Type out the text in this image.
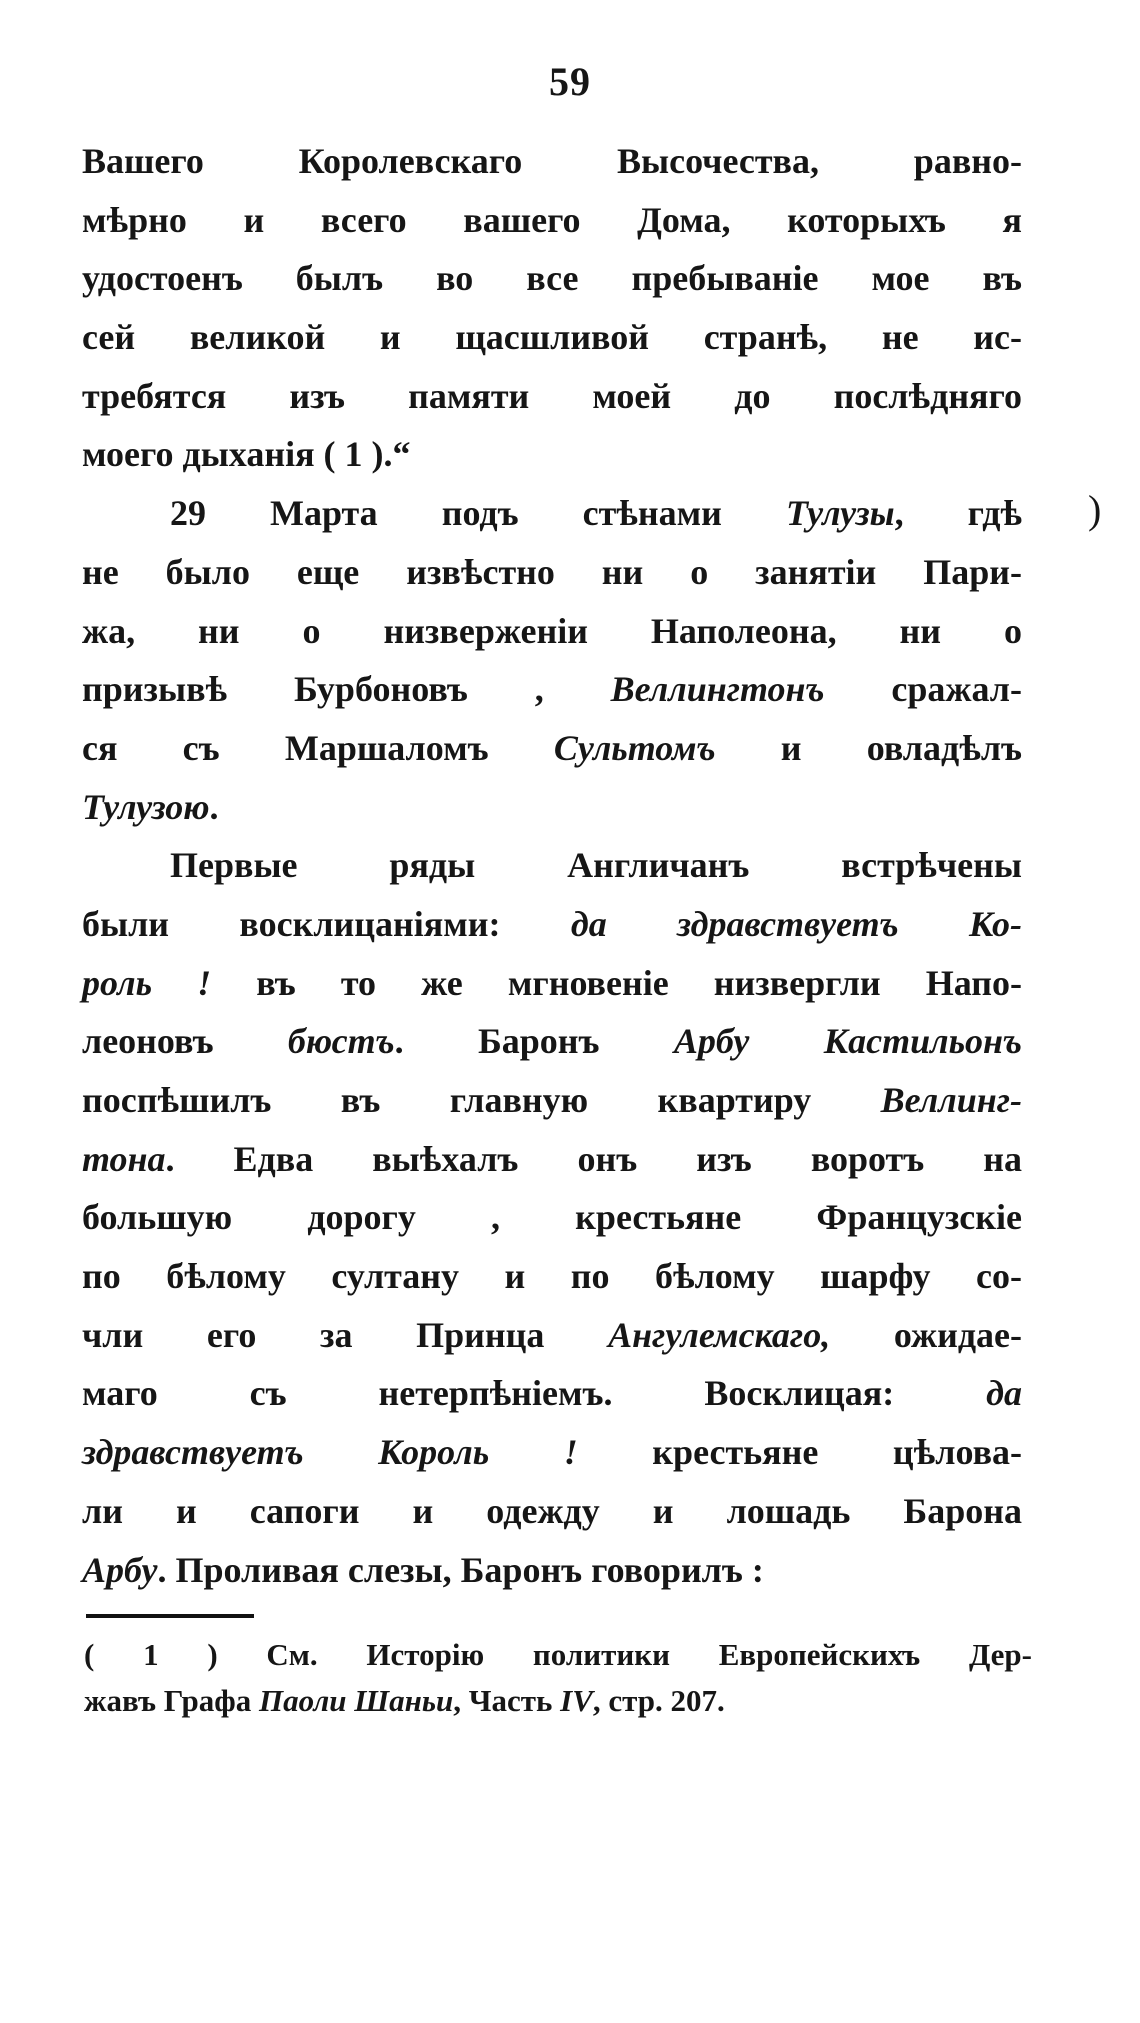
59
)
Вашего Королевскаго Высочества, равно-
мѣрно и всего вашего Дома, которыхъ я
удостоенъ былъ во все пребываніе мое въ
сей великой и щасшливой странѣ, не ис-
требятся изъ памяти моей до послѣдняго
моего дыханія ( 1 ).“
29 Марта подъ стѣнами Тулузы, гдѣ
не было еще извѣстно ни о занятіи Пари-
жа, ни о низверженіи Наполеона, ни о
призывѣ Бурбоновъ , Веллингтонъ сражал-
ся съ Маршаломъ Сультомъ и овладѣлъ
Тулузою.
Первые ряды Англичанъ встрѣчены
были восклицаніями: да здравствуетъ Ко-
роль ! въ то же мгновеніе низвергли Напо-
леоновъ бюстъ. Баронъ Арбу Кастильонъ
поспѣшилъ въ главную квартиру Веллинг-
тона. Едва выѣхалъ онъ изъ воротъ на
большую дорогу , крестьяне Французскіе
по бѣлому султану и по бѣлому шарфу со-
чли его за Принца Ангулемскаго, ожидае-
маго съ нетерпѣніемъ. Восклицая: да
здравствуетъ Король ! крестьяне цѣлова-
ли и сапоги и одежду и лошадь Барона
Арбу. Проливая слезы, Баронъ говорилъ :
( 1 ) См. Исторію политики Европейскихъ Дер-
жавъ Графа Паоли Шаньи, Часть IV, стр. 207.
